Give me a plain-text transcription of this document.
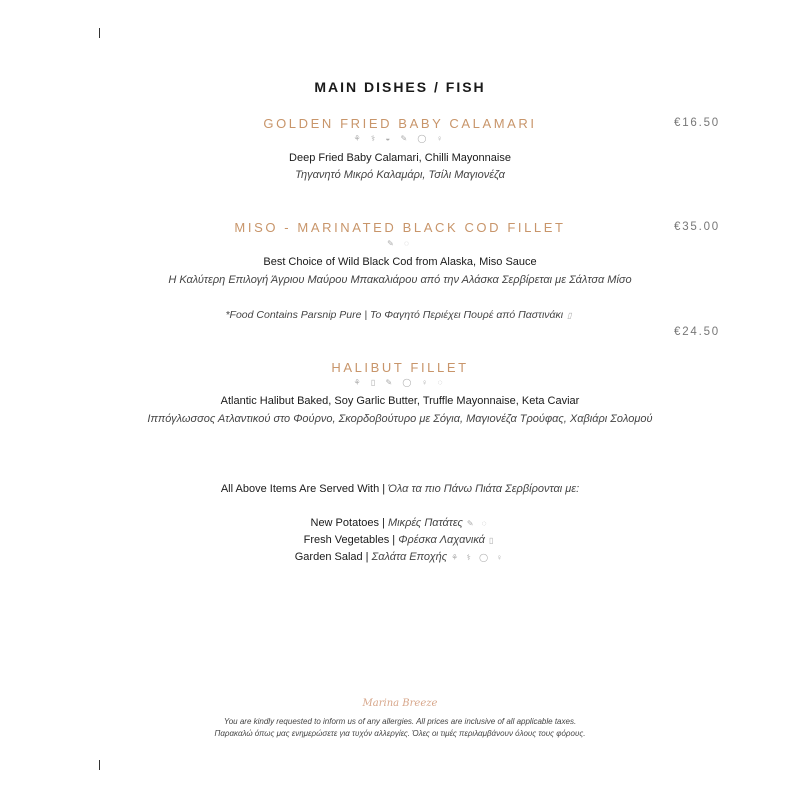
MAIN DISHES / FISH
GOLDEN FRIED BABY CALAMARI	€16.50
⚘ ⚕ ◒ ✎ ◯ ♀
Deep Fried Baby Calamari, Chilli Mayonnaise
Τηγανητό Μικρό Καλαμάρι, Τσίλι Μαγιονέζα
MISO - MARINATED BLACK COD FILLET	€35.00
✎ ◌
Best Choice of Wild Black Cod from Alaska, Miso Sauce
Η Καλύτερη Επιλογή Άγριου Μαύρου Μπακαλιάρου από την Αλάσκα Σερβίρεται με Σάλτσα Μίσο
*Food Contains Parsnip Pure | Το Φαγητό Περιέχει Πουρέ από Παστινάκι ▯
€24.50
HALIBUT FILLET
⚘ ▯ ✎ ◯ ♀ ◌
Atlantic Halibut Baked, Soy Garlic Butter, Truffle Mayonnaise, Keta Caviar
Ιππόγλωσσος Ατλαντικού στο Φούρνο, Σκορδοβούτυρο με Σόγια, Μαγιονέζα Τρούφας, Χαβιάρι Σολομού
All Above Items Are Served With | Όλα τα πιο Πάνω Πιάτα Σερβίρονται με:
New Potatoes | Μικρές Πατάτες ✎ ◌
Fresh Vegetables | Φρέσκα Λαχανικά ▯
Garden Salad | Σαλάτα Εποχής ⚘ ⚕ ◯ ♀
Marina Breeze
You are kindly requested to inform us of any allergies. All prices are inclusive of all applicable taxes.
Παρακαλώ όπως μας ενημερώσετε για τυχόν αλλεργίες. Όλες οι τιμές περιλαμβάνουν όλους τους φόρους.
